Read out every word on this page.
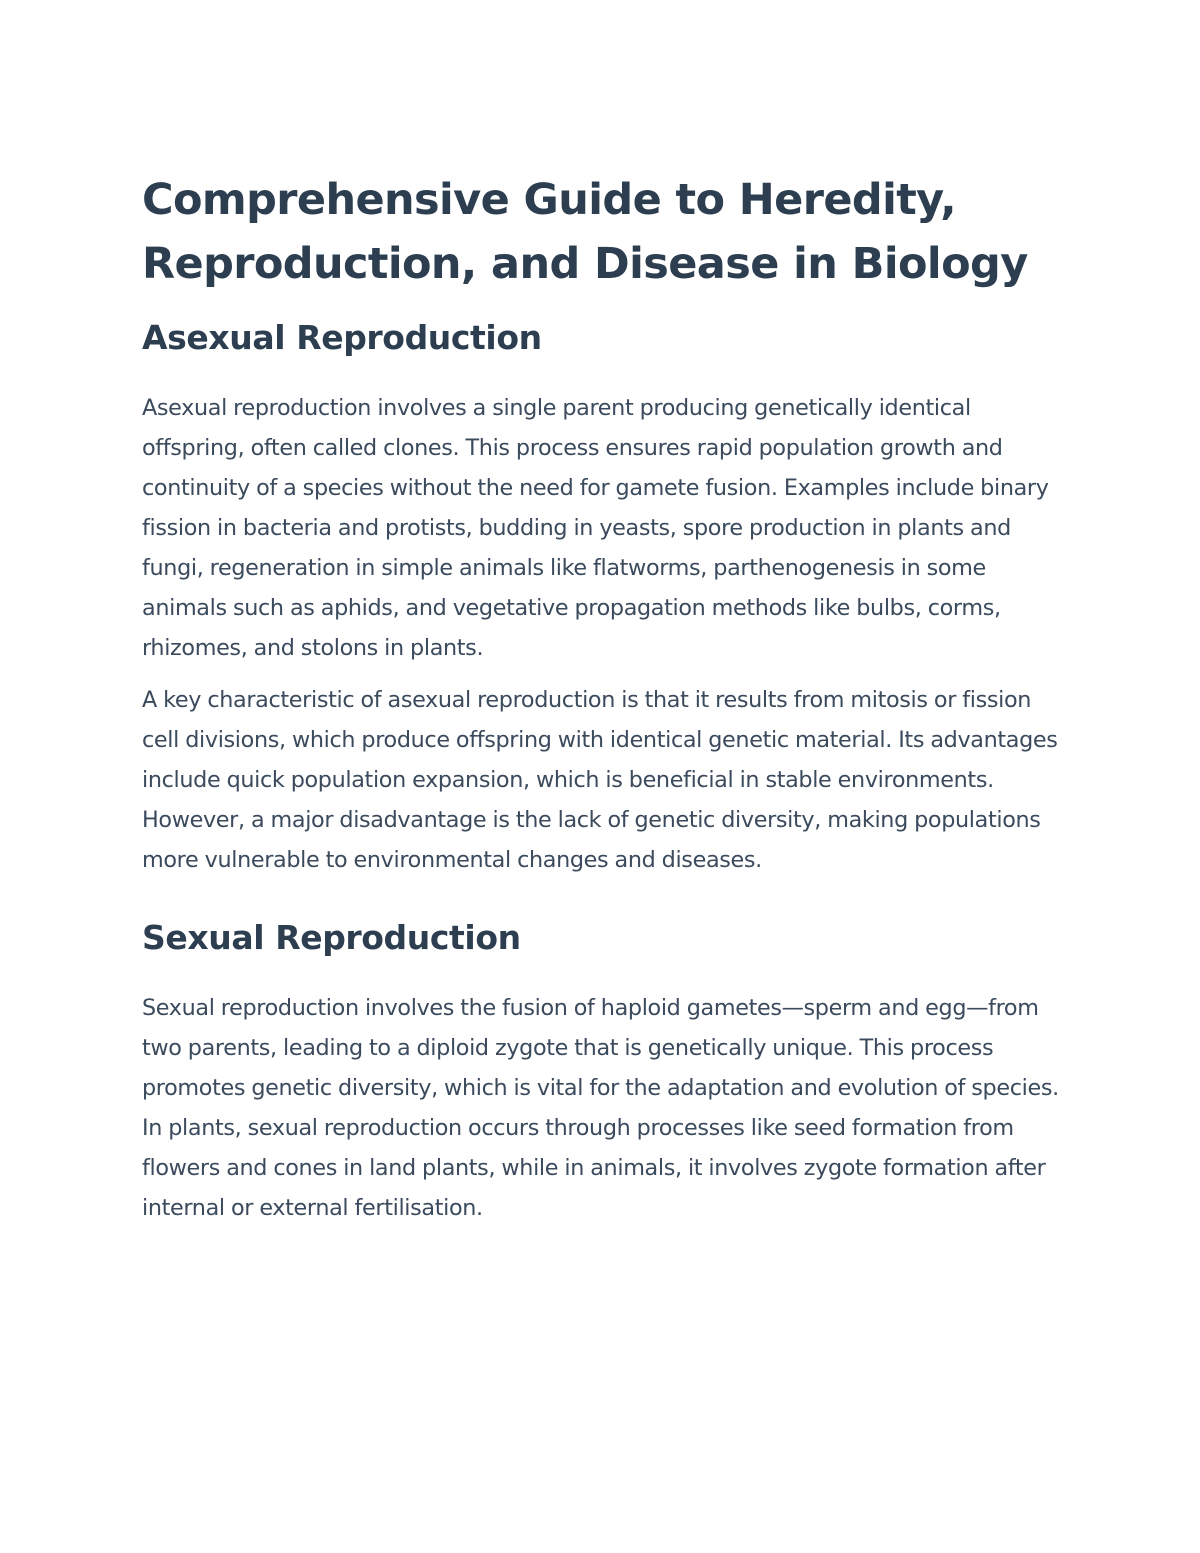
Comprehensive Guide to Heredity,
Reproduction, and Disease in Biology
Asexual Reproduction

Asexual reproduction involves a single parent producing genetically identical offspring, often called clones. This process ensures rapid population growth and continuity of a species without the need for gamete fusion. Examples include binary fission in bacteria and protists, budding in yeasts, spore production in plants and fungi, regeneration in simple animals like flatworms, parthenogenesis in some animals such as aphids, and vegetative propagation methods like bulbs, corms, rhizomes, and stolons in plants.

A key characteristic of asexual reproduction is that it results from mitosis or fission cell divisions, which produce offspring with identical genetic material. Its advantages include quick population expansion, which is beneficial in stable environments. However, a major disadvantage is the lack of genetic diversity, making populations more vulnerable to environmental changes and diseases.

Sexual Reproduction

Sexual reproduction involves the fusion of haploid gametes—sperm and egg—from two parents, leading to a diploid zygote that is genetically unique. This process promotes genetic diversity, which is vital for the adaptation and evolution of species. In plants, sexual reproduction occurs through processes like seed formation from flowers and cones in land plants, while in animals, it involves zygote formation after internal or external fertilisation.
